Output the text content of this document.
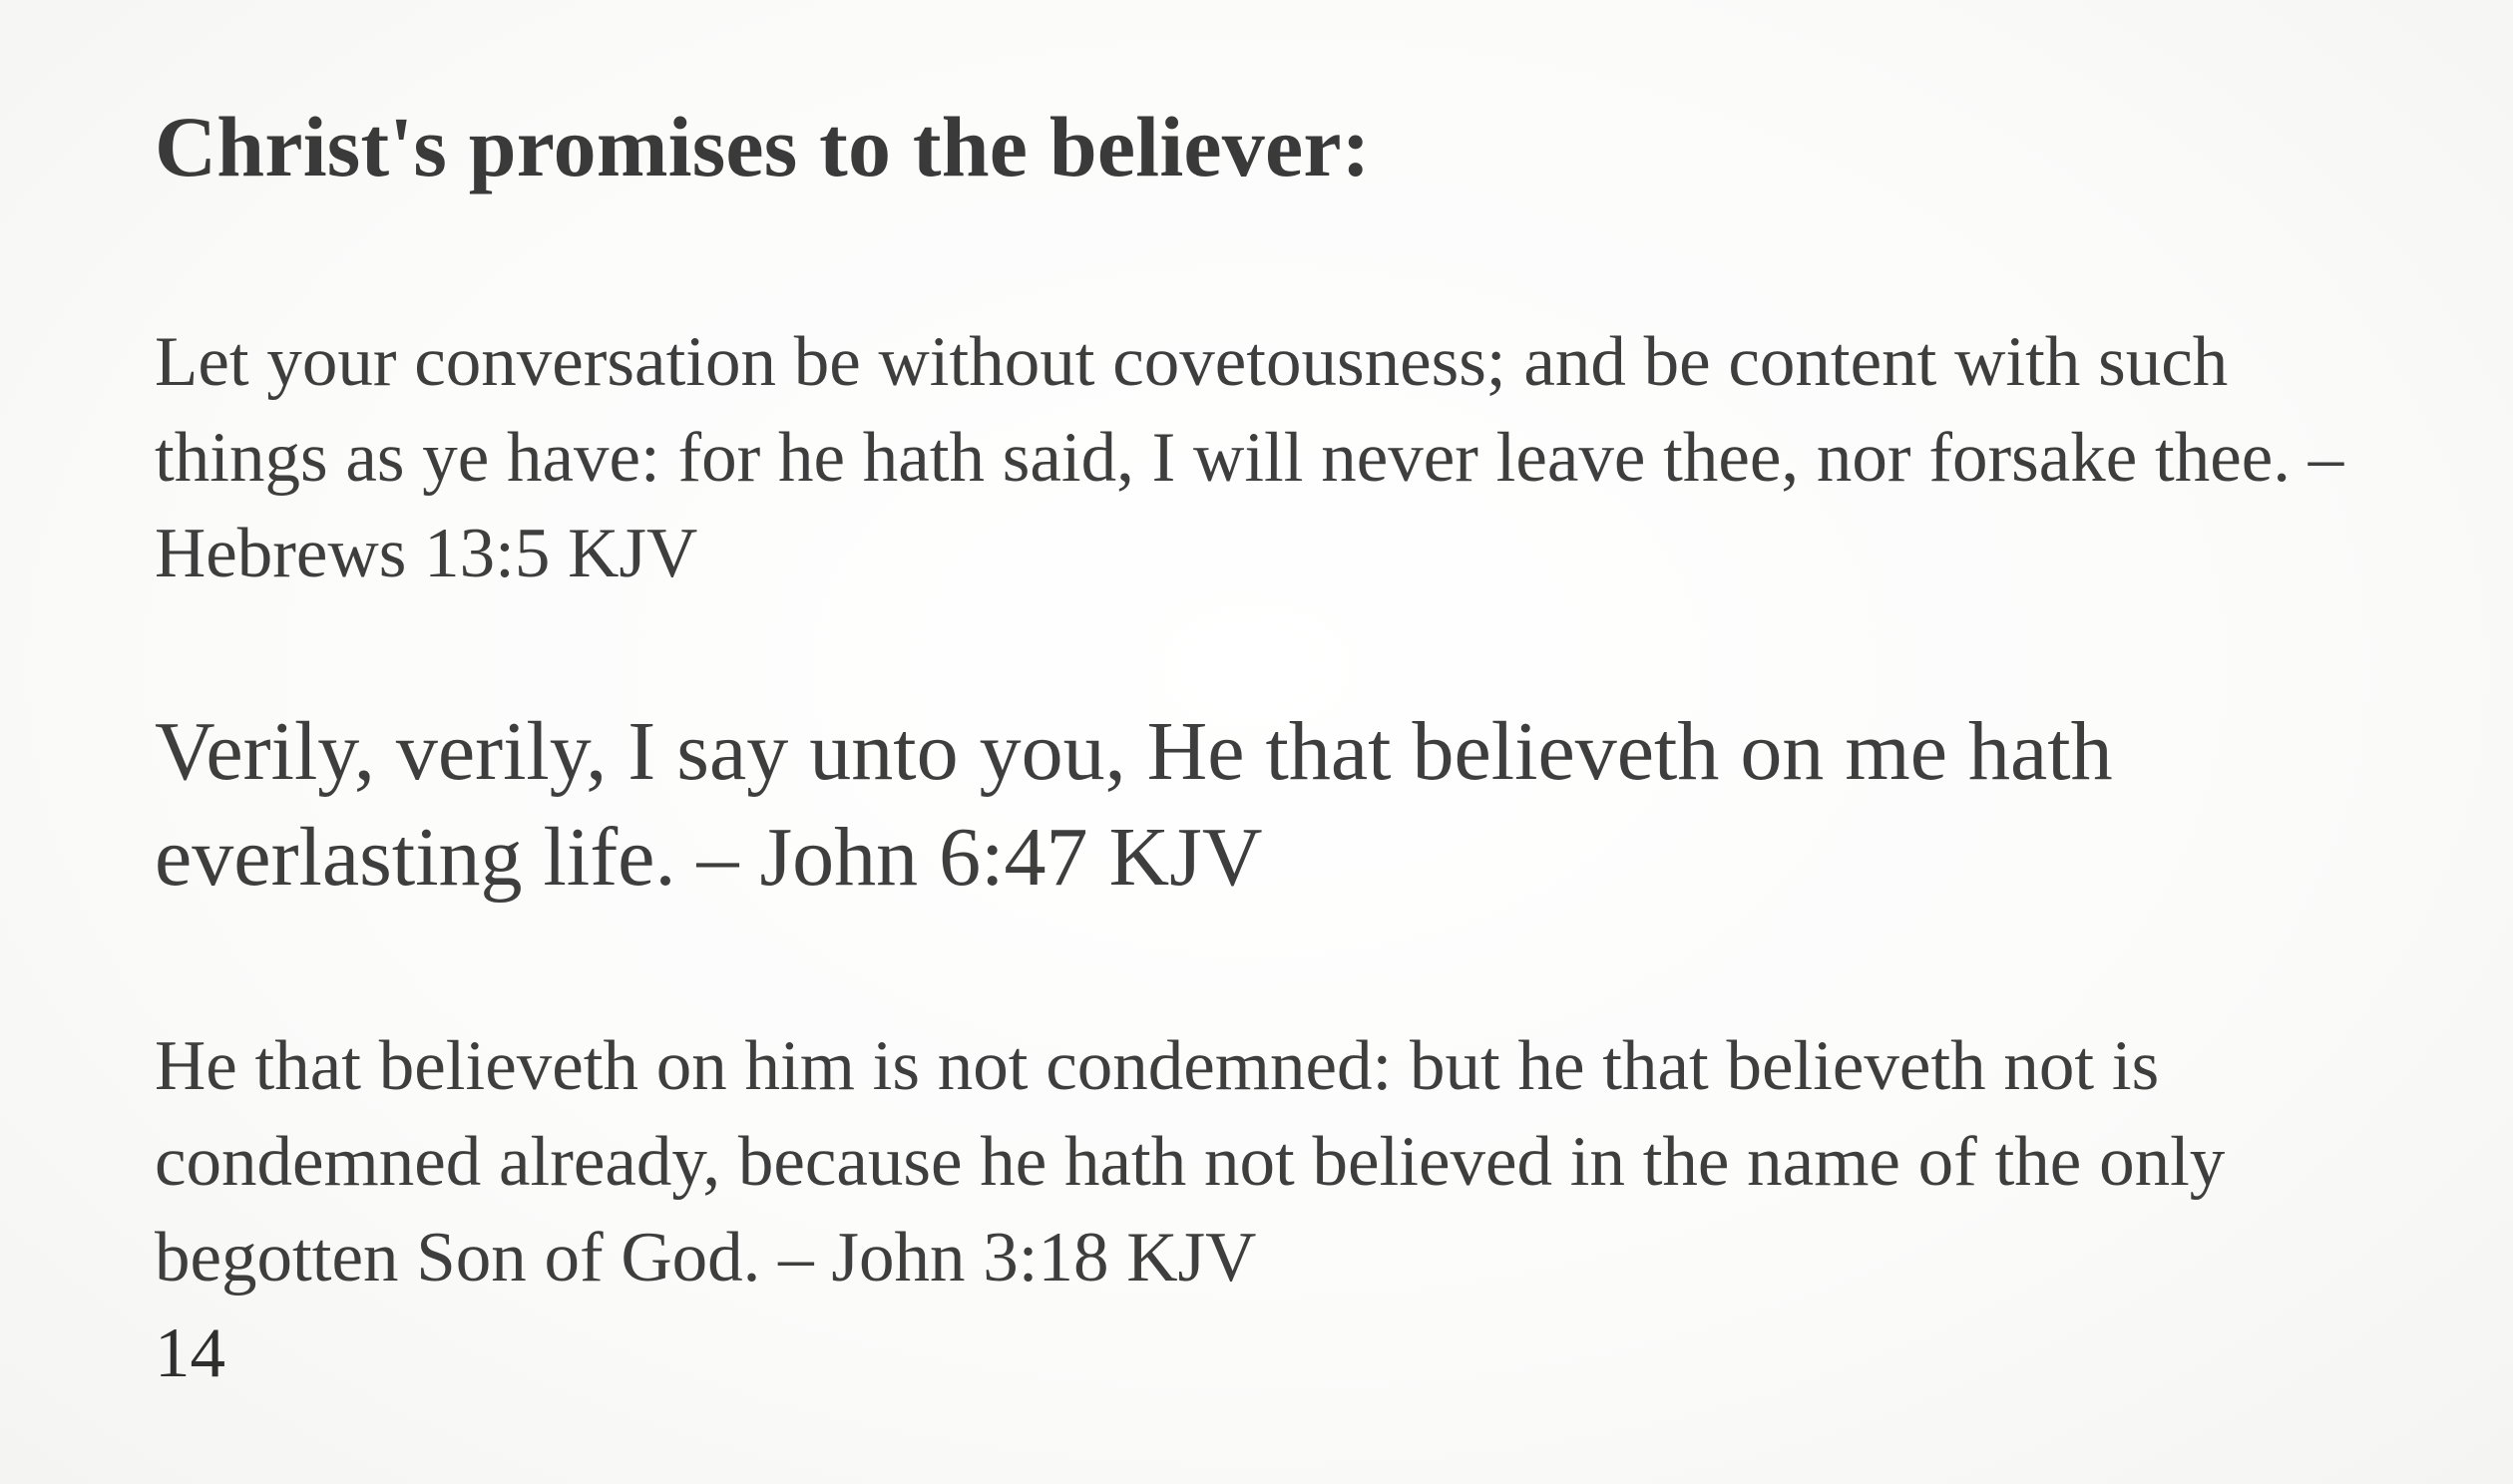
Christ's promises to the believer:

Let your conversation be without covetousness; and be content with such things as ye have: for he hath said, I will never leave thee, nor forsake thee. – Hebrews 13:5 KJV

Verily, verily, I say unto you, He that believeth on me hath everlasting life. – John 6:47 KJV

He that believeth on him is not condemned: but he that believeth not is condemned already, because he hath not believed in the name of the only begotten Son of God. – John 3:18 KJV

14
